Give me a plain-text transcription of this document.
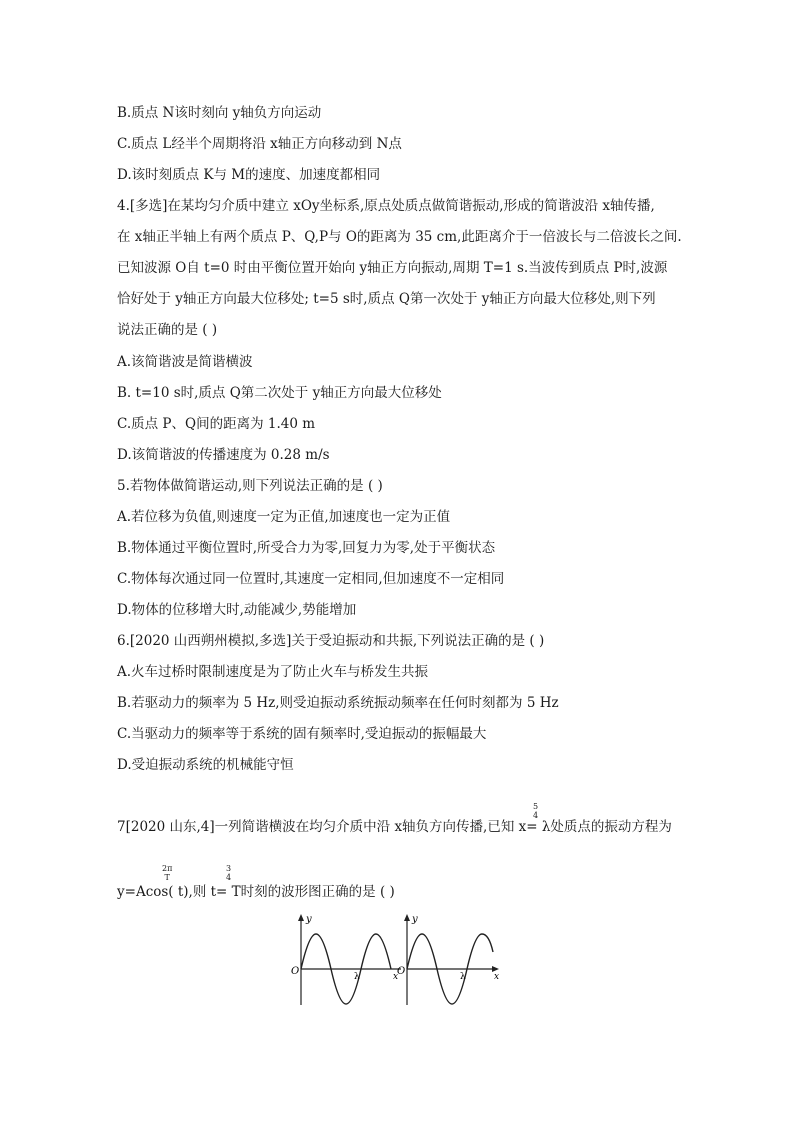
B.质点 N该时刻向 y轴负方向运动
C.质点 L经半个周期将沿 x轴正方向移动到 N点
D.该时刻质点 K与 M的速度、加速度都相同
4.[多选]在某均匀介质中建立 xOy坐标系,原点处质点做简谐振动,形成的简谐波沿 x轴传播,
在 x轴正半轴上有两个质点 P、Q,P与 O的距离为 35 cm,此距离介于一倍波长与二倍波长之间.
已知波源 O自 t=0 时由平衡位置开始向 y轴正方向振动,周期 T=1 s.当波传到质点 P时,波源
恰好处于 y轴正方向最大位移处; t=5 s时,质点 Q第一次处于 y轴正方向最大位移处,则下列
说法正确的是 ( )
A.该简谐波是简谐横波
B. t=10 s时,质点 Q第二次处于 y轴正方向最大位移处
C.质点 P、Q间的距离为 1.40 m
D.该简谐波的传播速度为 0.28 m/s
5.若物体做简谐运动,则下列说法正确的是 ( )
A.若位移为负值,则速度一定为正值,加速度也一定为正值
B.物体通过平衡位置时,所受合力为零,回复力为零,处于平衡状态
C.物体每次通过同一位置时,其速度一定相同,但加速度不一定相同
D.物体的位移增大时,动能减少,势能增加
6.[2020 山西朔州模拟,多选]关于受迫振动和共振,下列说法正确的是 ( )
A.火车过桥时限制速度是为了防止火车与桥发生共振
B.若驱动力的频率为 5 Hz,则受迫振动系统振动频率在任何时刻都为 5 Hz
C.当驱动力的频率等于系统的固有频率时,受迫振动的振幅最大
D.受迫振动系统的机械能守恒
7[2020 山东,4]一列简谐横波在均匀介质中沿 x轴负方向传播,已知 x= λ处质点的振动方程为
y=Acos( t),则 t= T时刻的波形图正确的是 ( )
5
4
2π
T
3
4
y
O	λ	x
y
O	λ	x
